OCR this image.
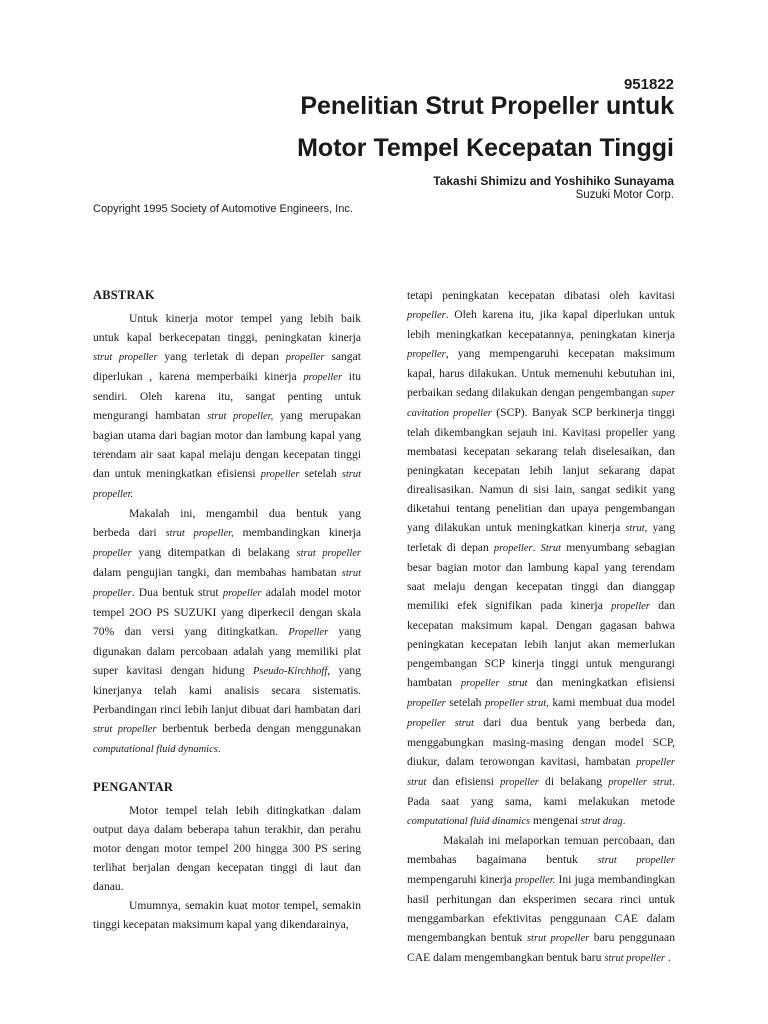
951822
Penelitian Strut Propeller untuk
Motor Tempel Kecepatan Tinggi
Takashi Shimizu and Yoshihiko Sunayama
Suzuki Motor Corp.
Copyright 1995 Society of Automotive Engineers, Inc.
ABSTRAK

Untuk kinerja motor tempel yang lebih baik untuk kapal berkecepatan tinggi, peningkatan kinerja strut propeller yang terletak di depan propeller sangat diperlukan , karena memperbaiki kinerja propeller itu sendiri. Oleh karena itu, sangat penting untuk mengurangi hambatan strut propeller, yang merupakan bagian utama dari bagian motor dan lambung kapal yang terendam air saat kapal melaju dengan kecepatan tinggi dan untuk meningkatkan efisiensi propeller setelah strut propeller.

Makalah ini, mengambil dua bentuk yang berbeda dari strut propeller, membandingkan kinerja propeller yang ditempatkan di belakang strut propeller dalam pengujian tangki, dan membahas hambatan strut propeller. Dua bentuk strut propeller adalah model motor tempel 2OO PS SUZUKI yang diperkecil dengan skala 70% dan versi yang ditingkatkan. Propeller yang digunakan dalam percobaan adalah yang memiliki plat super kavitasi dengan hidung Pseudo-Kirchhoff, yang kinerjanya telah kami analisis secara sistematis. Perbandingan rinci lebih lanjut dibuat dari hambatan dari strut propeller berbentuk berbeda dengan menggunakan computational fluid dynamics.

PENGANTAR

Motor tempel telah lebih ditingkatkan dalam output daya dalam beberapa tahun terakhir, dan perahu motor dengan motor tempel 200 hingga 300 PS sering terlihat berjalan dengan kecepatan tinggi di laut dan danau.

Umumnya, semakin kuat motor tempel, semakin tinggi kecepatan maksimum kapal yang dikendarainya,

tetapi peningkatan kecepatan dibatasi oleh kavitasi propeller. Oleh karena itu, jika kapal diperlukan untuk lebih meningkatkan kecepatannya, peningkatan kinerja propeller, yang mempengaruhi kecepatan maksimum kapal, harus dilakukan. Untuk memenuhi kebutuhan ini, perbaikan sedang dilakukan dengan pengembangan super cavitation propeller (SCP). Banyak SCP berkinerja tinggi telah dikembangkan sejauh ini. Kavitasi propeller yang membatasi kecepatan sekarang telah diselesaikan, dan peningkatan kecepatan lebih lanjut sekarang dapat direalisasikan. Namun di sisi lain, sangat sedikit yang diketahui tentang penelitian dan upaya pengembangan yang dilakukan untuk meningkatkan kinerja strut, yang terletak di depan propeller. Strut menyumbang sebagian besar bagian motor dan lambung kapal yang terendam saat melaju dengan kecepatan tinggi dan dianggap memiliki efek signifikan pada kinerja propeller dan kecepatan maksimum kapal. Dengan gagasan bahwa peningkatan kecepatan lebih lanjut akan memerlukan pengembangan SCP kinerja tinggi untuk mengurangi hambatan propeller strut dan meningkatkan efisiensi propeller setelah propeller strut, kami membuat dua model propeller strut dari dua bentuk yang berbeda dan, menggabungkan masing-masing dengan model SCP, diukur, dalam terowongan kavitasi, hambatan propeller strut dan efisiensi propeller di belakang propeller strut. Pada saat yang sama, kami melakukan metode computational fluid dinamics mengenai strut drag.

Makalah ini melaporkan temuan percobaan, dan membahas bagaimana bentuk strut propeller mempengaruhi kinerja propeller. Ini juga membandingkan hasil perhitungan dan eksperimen secara rinci untuk menggambarkan efektivitas penggunaan CAE dalam mengembangkan bentuk strut propeller baru penggunaan CAE dalam mengembangkan bentuk baru strut propeller .
